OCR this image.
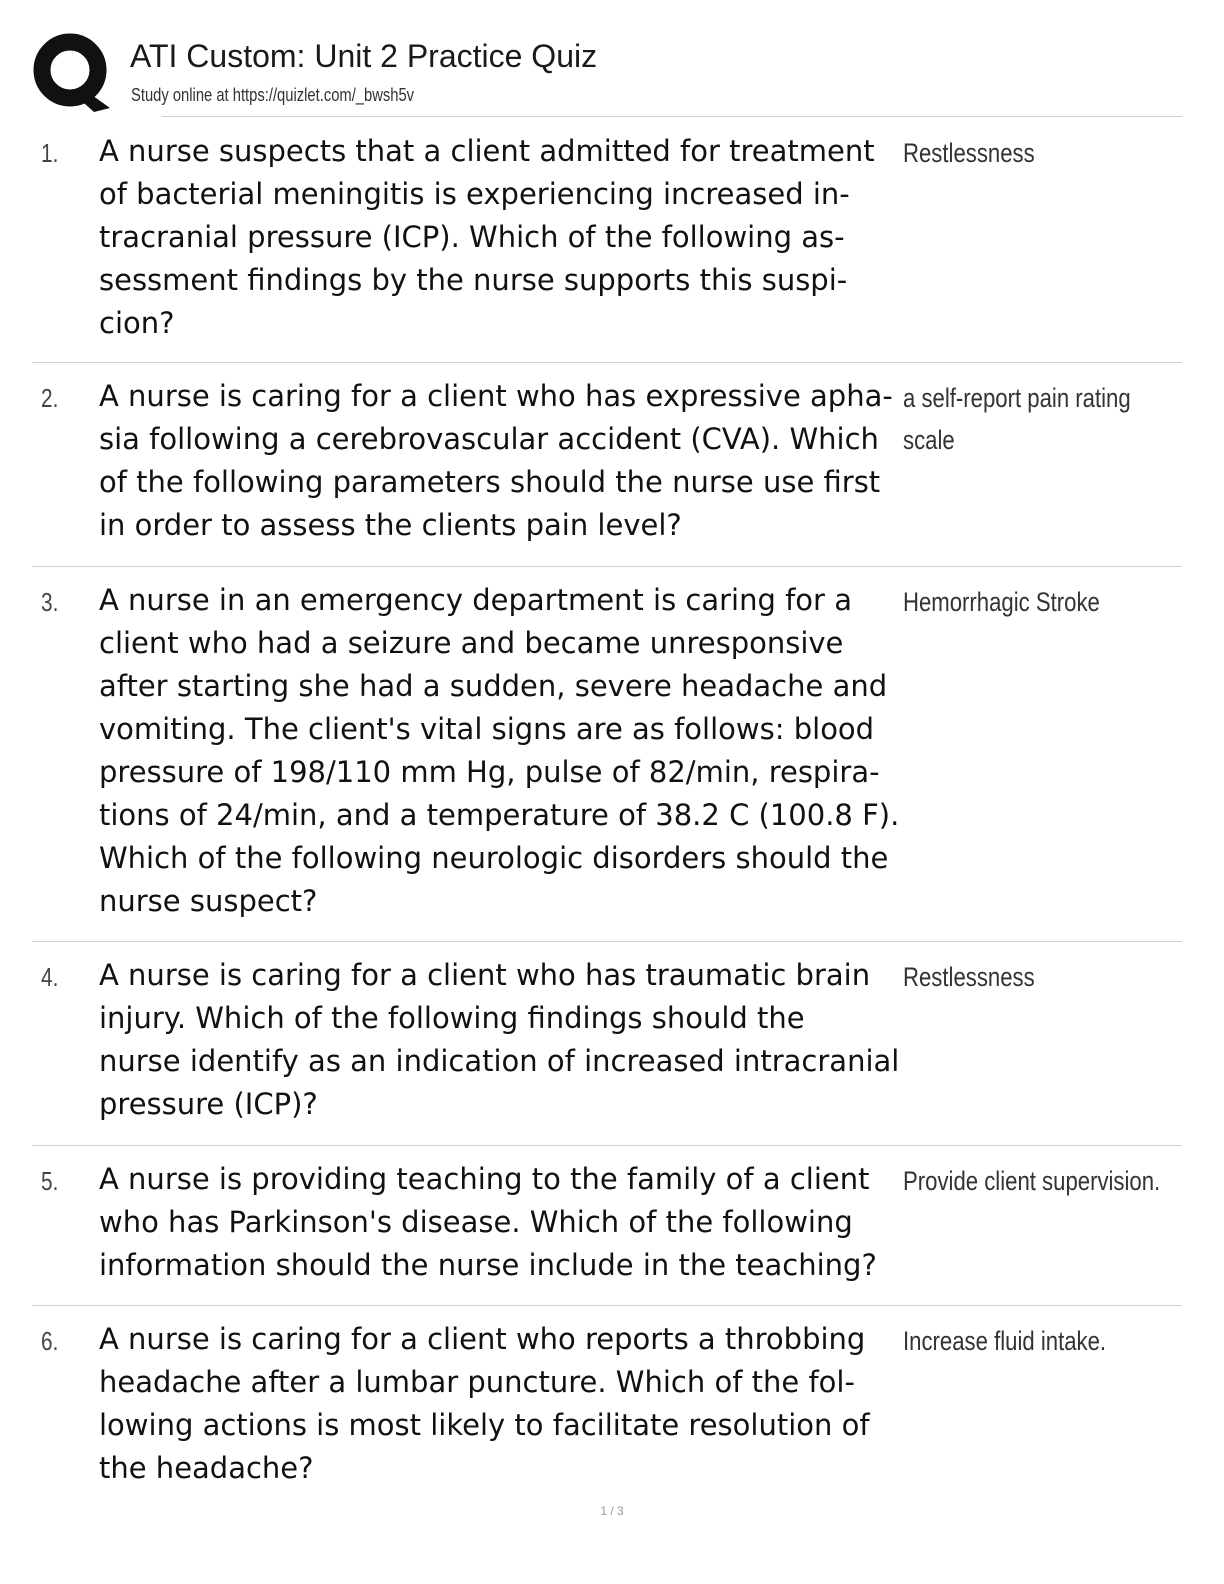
ATI Custom: Unit 2 Practice Quiz
Study online at https://quizlet.com/_bwsh5v
1. A nurse suspects that a client admitted for treatment
of bacterial meningitis is experiencing increased in-
tracranial pressure (ICP). Which of the following as-
sessment findings by the nurse supports this suspi-
cion?
Restlessness
2. A nurse is caring for a client who has expressive apha-
sia following a cerebrovascular accident (CVA). Which
of the following parameters should the nurse use first
in order to assess the clients pain level?
a self-report pain rating
scale
3. A nurse in an emergency department is caring for a
client who had a seizure and became unresponsive
after starting she had a sudden, severe headache and
vomiting. The client's vital signs are as follows: blood
pressure of 198/110 mm Hg, pulse of 82/min, respira-
tions of 24/min, and a temperature of 38.2 C (100.8 F).
Which of the following neurologic disorders should the
nurse suspect?
Hemorrhagic Stroke
4. A nurse is caring for a client who has traumatic brain
injury. Which of the following findings should the
nurse identify as an indication of increased intracranial
pressure (ICP)?
Restlessness
5. A nurse is providing teaching to the family of a client
who has Parkinson's disease. Which of the following
information should the nurse include in the teaching?
Provide client supervision.
6. A nurse is caring for a client who reports a throbbing
headache after a lumbar puncture. Which of the fol-
lowing actions is most likely to facilitate resolution of
the headache?
Increase fluid intake.
1 / 3
